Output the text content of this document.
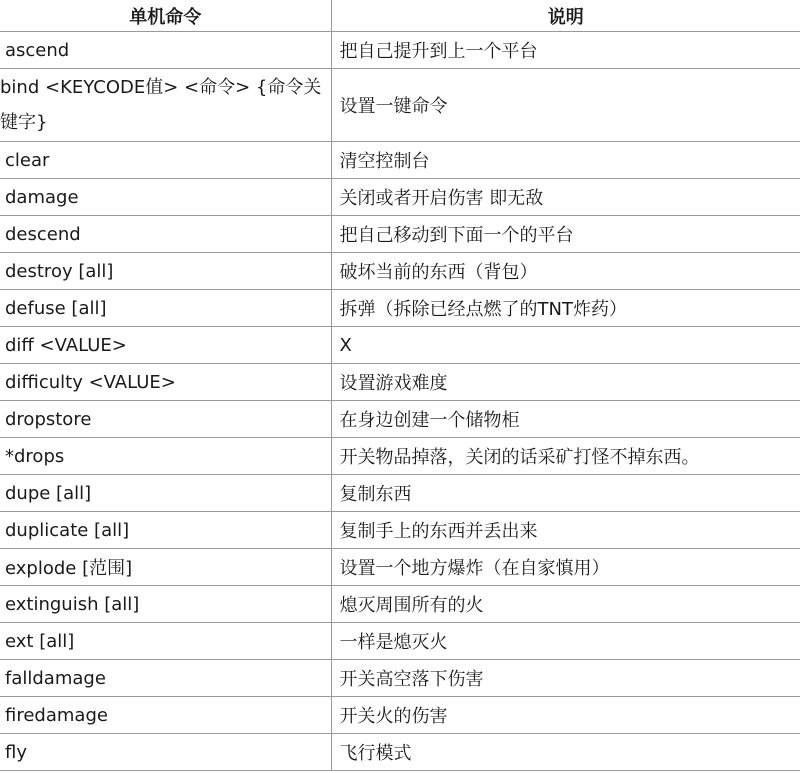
单机命令	说明
ascend	把自己提升到上一个平台
bind <KEYCODE值> <命令> {命令关键字}	设置一键命令
clear	清空控制台
damage	关闭或者开启伤害 即无敌
descend	把自己移动到下面一个的平台
destroy [all]	破坏当前的东西（背包）
defuse [all]	拆弹（拆除已经点燃了的TNT炸药）
diff <VALUE>	X
difficulty <VALUE>	设置游戏难度
dropstore	在身边创建一个储物柜
*drops	开关物品掉落，关闭的话采矿打怪不掉东西。
dupe [all]	复制东西
duplicate [all]	复制手上的东西并丢出来
explode [范围]	设置一个地方爆炸（在自家慎用）
extinguish [all]	熄灭周围所有的火
ext [all]	一样是熄灭火
falldamage	开关高空落下伤害
firedamage	开关火的伤害
fly	飞行模式
